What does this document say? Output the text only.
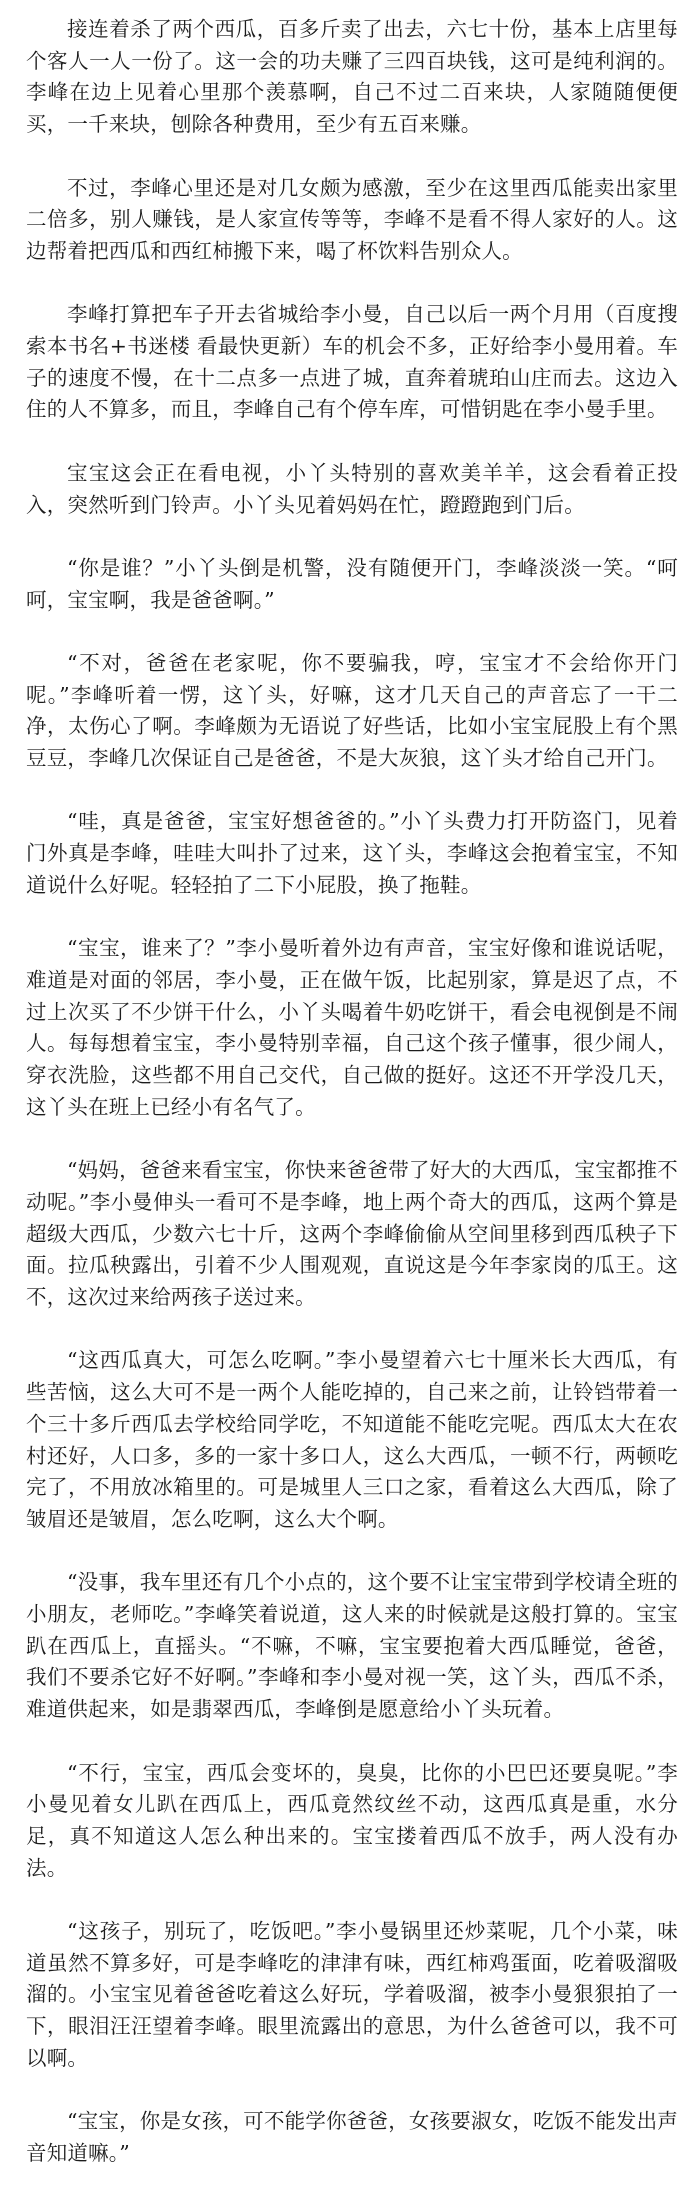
接连着杀了两个西瓜，百多斤卖了出去，六七十份，基本上店里每个客人一人一份了。这一会的功夫赚了三四百块钱，这可是纯利润的。李峰在边上见着心里那个羡慕啊，自己不过二百来块，人家随随便便买，一千来块，刨除各种费用，至少有五百来赚。

不过，李峰心里还是对几女颇为感激，至少在这里西瓜能卖出家里二倍多，别人赚钱，是人家宣传等等，李峰不是看不得人家好的人。这边帮着把西瓜和西红柿搬下来，喝了杯饮料告别众人。

李峰打算把车子开去省城给李小曼，自己以后一两个月用（百度搜索本书名+书迷楼 看最快更新）车的机会不多，正好给李小曼用着。车子的速度不慢，在十二点多一点进了城，直奔着琥珀山庄而去。这边入住的人不算多，而且，李峰自己有个停车库，可惜钥匙在李小曼手里。

宝宝这会正在看电视，小丫头特别的喜欢美羊羊，这会看着正投入，突然听到门铃声。小丫头见着妈妈在忙，蹬蹬跑到门后。

“你是谁？”小丫头倒是机警，没有随便开门，李峰淡淡一笑。“呵呵，宝宝啊，我是爸爸啊。”

“不对，爸爸在老家呢，你不要骗我，哼，宝宝才不会给你开门呢。”李峰听着一愣，这丫头，好嘛，这才几天自己的声音忘了一干二净，太伤心了啊。李峰颇为无语说了好些话，比如小宝宝屁股上有个黑豆豆，李峰几次保证自己是爸爸，不是大灰狼，这丫头才给自己开门。

“哇，真是爸爸，宝宝好想爸爸的。”小丫头费力打开防盗门，见着门外真是李峰，哇哇大叫扑了过来，这丫头，李峰这会抱着宝宝，不知道说什么好呢。轻轻拍了二下小屁股，换了拖鞋。

“宝宝，谁来了？”李小曼听着外边有声音，宝宝好像和谁说话呢，难道是对面的邻居，李小曼，正在做午饭，比起别家，算是迟了点，不过上次买了不少饼干什么，小丫头喝着牛奶吃饼干，看会电视倒是不闹人。每每想着宝宝，李小曼特别幸福，自己这个孩子懂事，很少闹人，穿衣洗脸，这些都不用自己交代，自己做的挺好。这还不开学没几天，这丫头在班上已经小有名气了。

“妈妈，爸爸来看宝宝，你快来爸爸带了好大的大西瓜，宝宝都推不动呢。”李小曼伸头一看可不是李峰，地上两个奇大的西瓜，这两个算是超级大西瓜，少数六七十斤，这两个李峰偷偷从空间里移到西瓜秧子下面。拉瓜秧露出，引着不少人围观观，直说这是今年李家岗的瓜王。这不，这次过来给两孩子送过来。

“这西瓜真大，可怎么吃啊。”李小曼望着六七十厘米长大西瓜，有些苦恼，这么大可不是一两个人能吃掉的，自己来之前，让铃铛带着一个三十多斤西瓜去学校给同学吃，不知道能不能吃完呢。西瓜太大在农村还好，人口多，多的一家十多口人，这么大西瓜，一顿不行，两顿吃完了，不用放冰箱里的。可是城里人三口之家，看着这么大西瓜，除了皱眉还是皱眉，怎么吃啊，这么大个啊。

“没事，我车里还有几个小点的，这个要不让宝宝带到学校请全班的小朋友，老师吃。”李峰笑着说道，这人来的时候就是这般打算的。宝宝趴在西瓜上，直摇头。“不嘛，不嘛，宝宝要抱着大西瓜睡觉，爸爸，我们不要杀它好不好啊。”李峰和李小曼对视一笑，这丫头，西瓜不杀，难道供起来，如是翡翠西瓜，李峰倒是愿意给小丫头玩着。

“不行，宝宝，西瓜会变坏的，臭臭，比你的小巴巴还要臭呢。”李小曼见着女儿趴在西瓜上，西瓜竟然纹丝不动，这西瓜真是重，水分足，真不知道这人怎么种出来的。宝宝搂着西瓜不放手，两人没有办法。

“这孩子，别玩了，吃饭吧。”李小曼锅里还炒菜呢，几个小菜，味道虽然不算多好，可是李峰吃的津津有味，西红柿鸡蛋面，吃着吸溜吸溜的。小宝宝见着爸爸吃着这么好玩，学着吸溜，被李小曼狠狠拍了一下，眼泪汪汪望着李峰。眼里流露出的意思，为什么爸爸可以，我不可以啊。

“宝宝，你是女孩，可不能学你爸爸，女孩要淑女，吃饭不能发出声音知道嘛。”
